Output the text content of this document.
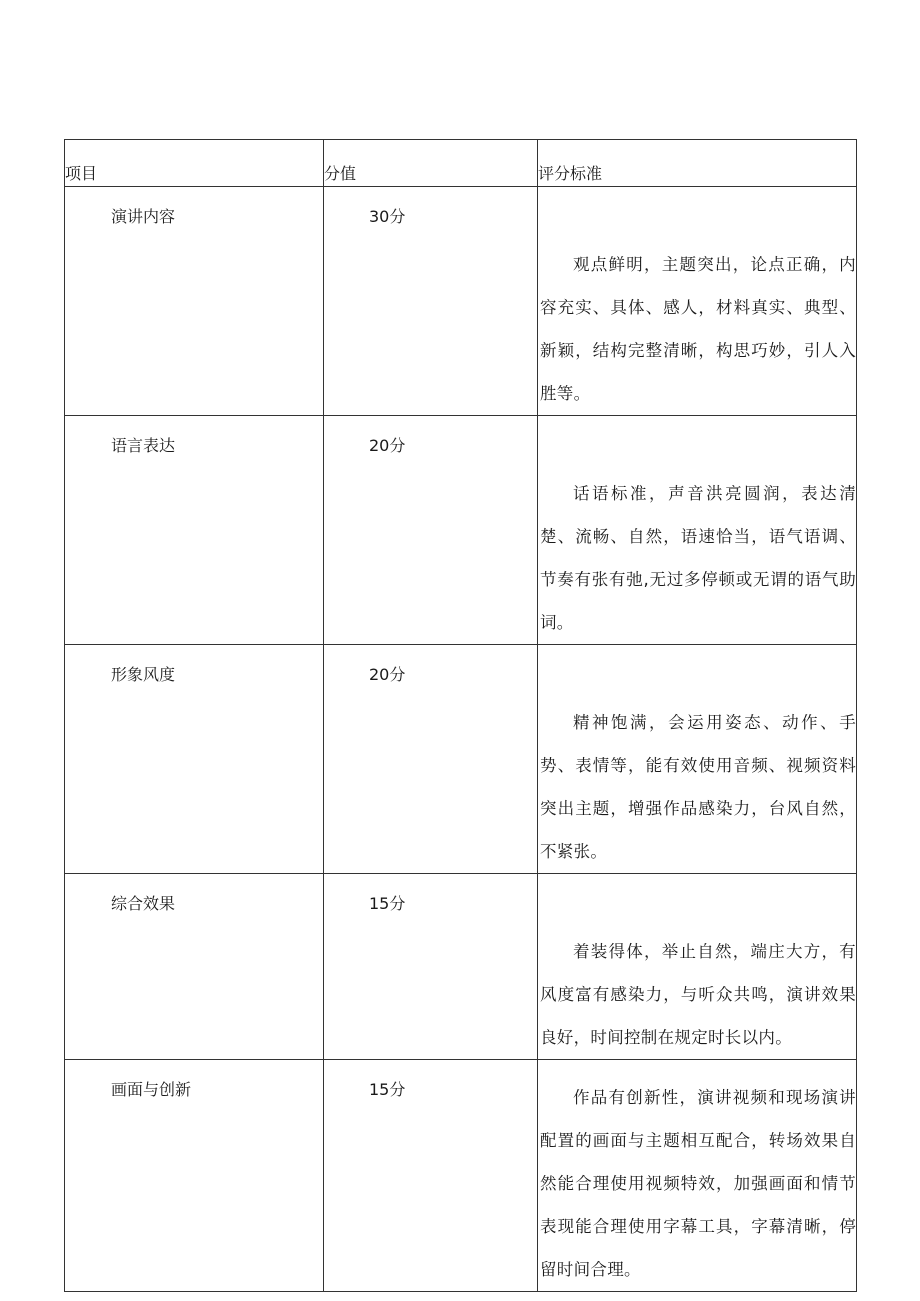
项目	分值	评分标准

演讲内容	30分	观点鲜明，主题突出，论点正确，内容充实、具体、感人，材料真实、典型、新颖，结构完整清晰，构思巧妙，引人入胜等。

语言表达	20分	话语标准，声音洪亮圆润，表达清楚、流畅、自然，语速恰当，语气语调、节奏有张有弛,无过多停顿或无谓的语气助词。

形象风度	20分	精神饱满，会运用姿态、动作、手势、表情等，能有效使用音频、视频资料突出主题，增强作品感染力，台风自然，不紧张。

综合效果	15分	着装得体，举止自然，端庄大方，有风度富有感染力，与听众共鸣，演讲效果良好，时间控制在规定时长以内。

画面与创新	15分	作品有创新性，演讲视频和现场演讲配置的画面与主题相互配合，转场效果自然能合理使用视频特效，加强画面和情节表现能合理使用字幕工具，字幕清晰，停留时间合理。
